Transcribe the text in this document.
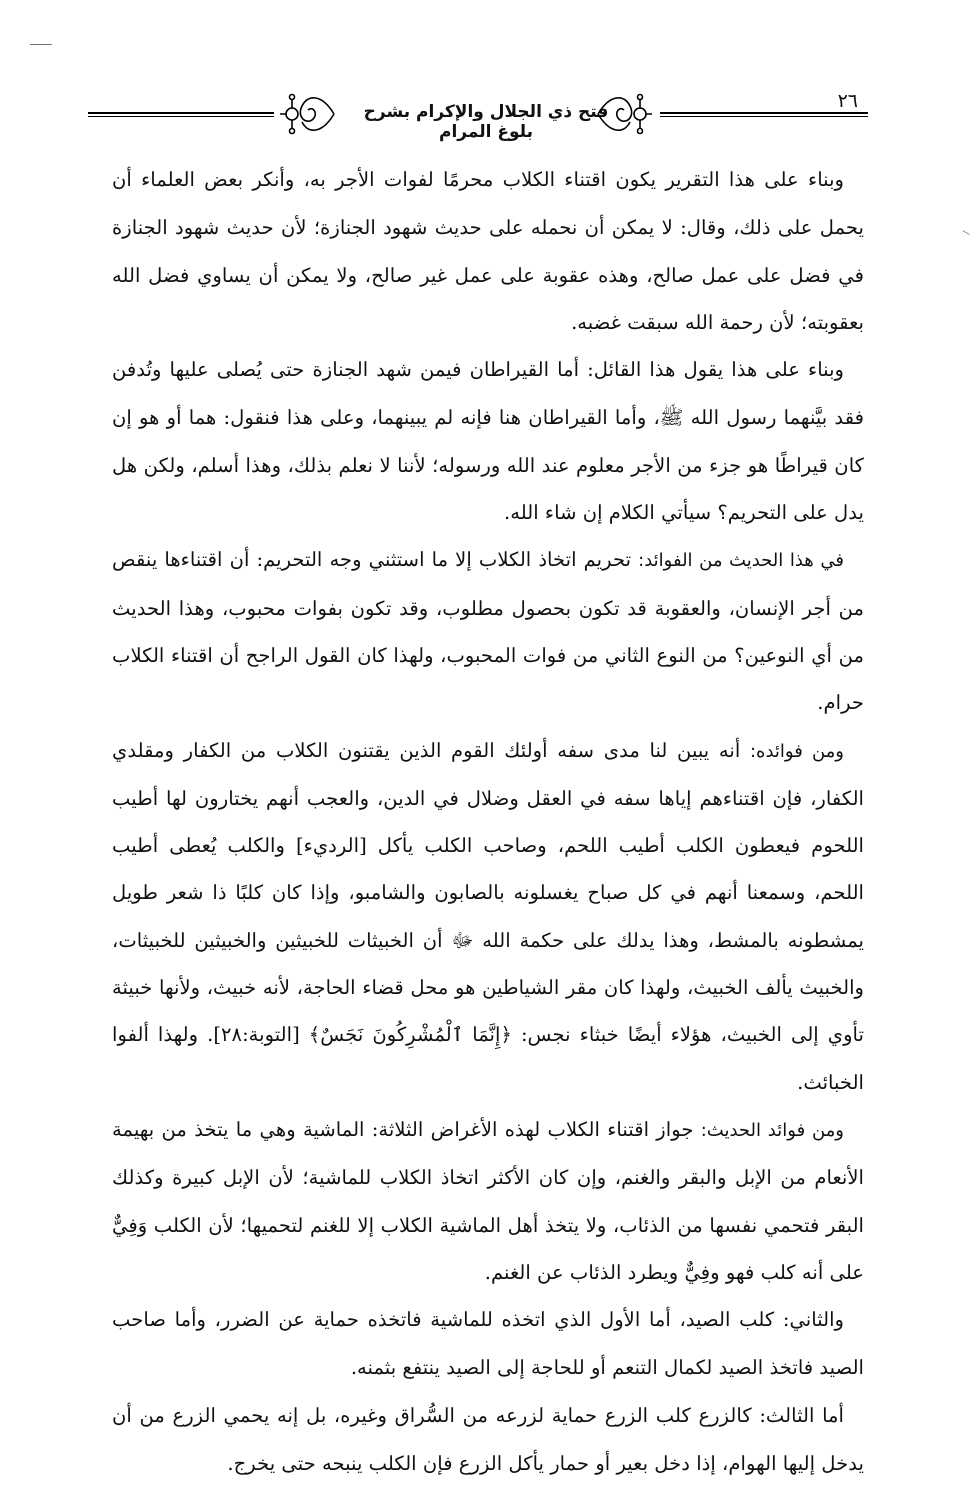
فتح ذي الجلال والإكرام بشرح بلوغ المرام
٢٦

وبناء على هذا التقرير يكون اقتناء الكلاب محرمًا لفوات الأجر به، وأنكر بعض العلماء أن يحمل على ذلك، وقال: لا يمكن أن نحمله على حديث شهود الجنازة؛ لأن حديث شهود الجنازة في فضل على عمل صالح، وهذه عقوبة على عمل غير صالح، ولا يمكن أن يساوي فضل الله بعقوبته؛ لأن رحمة الله سبقت غضبه.

وبناء على هذا يقول هذا القائل: أما القيراطان فيمن شهد الجنازة حتى يُصلى عليها وتُدفن فقد بيَّنهما رسول الله ﷺ، وأما القيراطان هنا فإنه لم يبينهما، وعلى هذا فنقول: هما أو هو إن كان قيراطًا هو جزء من الأجر معلوم عند الله ورسوله؛ لأننا لا نعلم بذلك، وهذا أسلم، ولكن هل يدل على التحريم؟ سيأتي الكلام إن شاء الله.

في هذا الحديث من الفوائد: تحريم اتخاذ الكلاب إلا ما استثني وجه التحريم: أن اقتناءها ينقص من أجر الإنسان، والعقوبة قد تكون بحصول مطلوب، وقد تكون بفوات محبوب، وهذا الحديث من أي النوعين؟ من النوع الثاني من فوات المحبوب، ولهذا كان القول الراجح أن اقتناء الكلاب حرام.

ومن فوائده: أنه يبين لنا مدى سفه أولئك القوم الذين يقتنون الكلاب من الكفار ومقلدي الكفار، فإن اقتناءهم إياها سفه في العقل وضلال في الدين، والعجب أنهم يختارون لها أطيب اللحوم فيعطون الكلب أطيب اللحم، وصاحب الكلب يأكل [الرديء] والكلب يُعطى أطيب اللحم، وسمعنا أنهم في كل صباح يغسلونه بالصابون والشامبو، وإذا كان كلبًا ذا شعر طويل يمشطونه بالمشط، وهذا يدلك على حكمة الله ﷻ أن الخبيثات للخبيثين والخبيثين للخبيثات، والخبيث يألف الخبيث، ولهذا كان مقر الشياطين هو محل قضاء الحاجة، لأنه خبيث، ولأنها خبيثة تأوي إلى الخبيث، هؤلاء أيضًا خبثاء نجس: ﴿إِنَّمَا ٱلْمُشْرِكُونَ نَجَسٌ﴾ [التوبة:٢٨]. ولهذا ألفوا الخبائث.

ومن فوائد الحديث: جواز اقتناء الكلاب لهذه الأغراض الثلاثة: الماشية وهي ما يتخذ من بهيمة الأنعام من الإبل والبقر والغنم، وإن كان الأكثر اتخاذ الكلاب للماشية؛ لأن الإبل كبيرة وكذلك البقر فتحمي نفسها من الذئاب، ولا يتخذ أهل الماشية الكلاب إلا للغنم لتحميها؛ لأن الكلب وَفِيٌّ على أنه كلب فهو وفِيٌّ ويطرد الذئاب عن الغنم.

والثاني: كلب الصيد، أما الأول الذي اتخذه للماشية فاتخذه حماية عن الضرر، وأما صاحب الصيد فاتخذ الصيد لكمال التنعم أو للحاجة إلى الصيد ينتفع بثمنه.

أما الثالث: كالزرع كلب الزرع حماية لزرعه من السُّراق وغيره، بل إنه يحمي الزرع من أن يدخل إليها الهوام، إذا دخل بعير أو حمار يأكل الزرع فإن الكلب ينبحه حتى يخرج.
